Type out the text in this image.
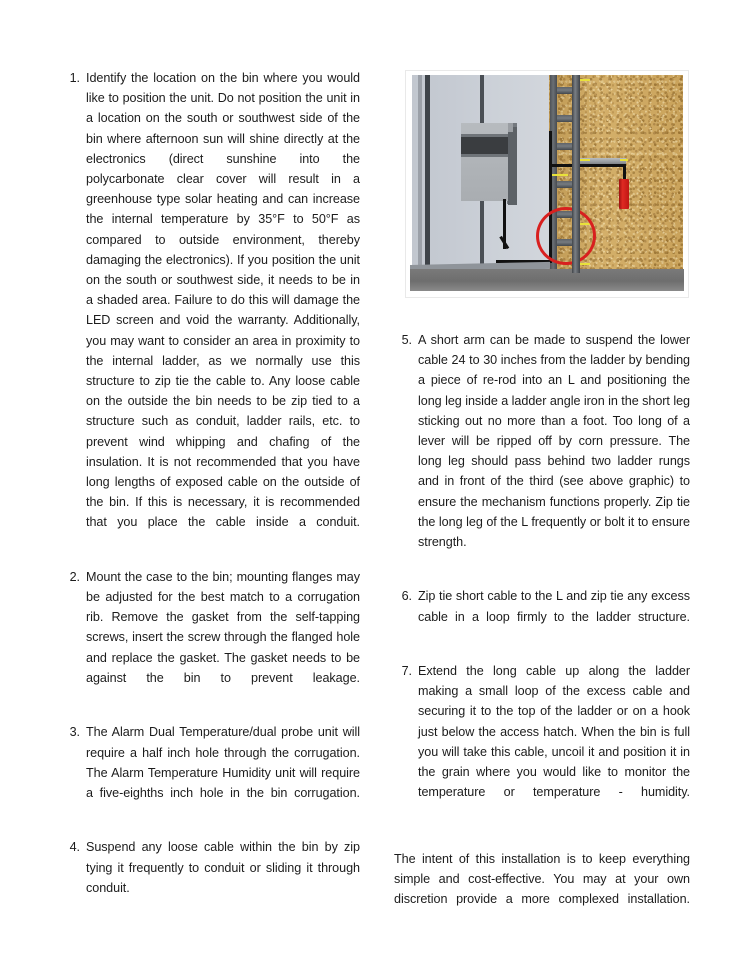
1. Identify the location on the bin where you would like to position the unit. Do not position the unit in a location on the south or southwest side of the bin where afternoon sun will shine directly at the electronics (direct sunshine into the polycarbonate clear cover will result in a greenhouse type solar heating and can increase the internal temperature by 35°F to 50°F as compared to outside environment, thereby damaging the electronics). If you position the unit on the south or southwest side, it needs to be in a shaded area. Failure to do this will damage the LED screen and void the warranty. Additionally, you may want to consider an area in proximity to the internal ladder, as we normally use this structure to zip tie the cable to. Any loose cable on the outside the bin needs to be zip tied to a structure such as conduit, ladder rails, etc. to prevent wind whipping and chafing of the insulation. It is not recommended that you have long lengths of exposed cable on the outside of the bin. If this is necessary, it is recommended that you place the cable inside a conduit.
2. Mount the case to the bin; mounting flanges may be adjusted for the best match to a corrugation rib. Remove the gasket from the self-tapping screws, insert the screw through the flanged hole and replace the gasket. The gasket needs to be against the bin to prevent leakage.
3. The Alarm Dual Temperature/dual probe unit will require a half inch hole through the corrugation. The Alarm Temperature Humidity unit will require a five-eighths inch hole in the bin corrugation.
4. Suspend any loose cable within the bin by zip tying it frequently to conduit or sliding it through conduit.
5. A short arm can be made to suspend the lower cable 24 to 30 inches from the ladder by bending a piece of re-rod into an L and positioning the long leg inside a ladder angle iron in the short leg sticking out no more than a foot. Too long of a lever will be ripped off by corn pressure. The long leg should pass behind two ladder rungs and in front of the third (see above graphic) to ensure the mechanism functions properly. Zip tie the long leg of the L frequently or bolt it to ensure strength.
6. Zip tie short cable to the L and zip tie any excess cable in a loop firmly to the ladder structure.
7. Extend the long cable up along the ladder making a small loop of the excess cable and securing it to the top of the ladder or on a hook just below the access hatch. When the bin is full you will take this cable, uncoil it and position it in the grain where you would like to monitor the temperature or temperature - humidity.

The intent of this installation is to keep everything simple and cost-effective. You may at your own discretion provide a more complexed installation.
